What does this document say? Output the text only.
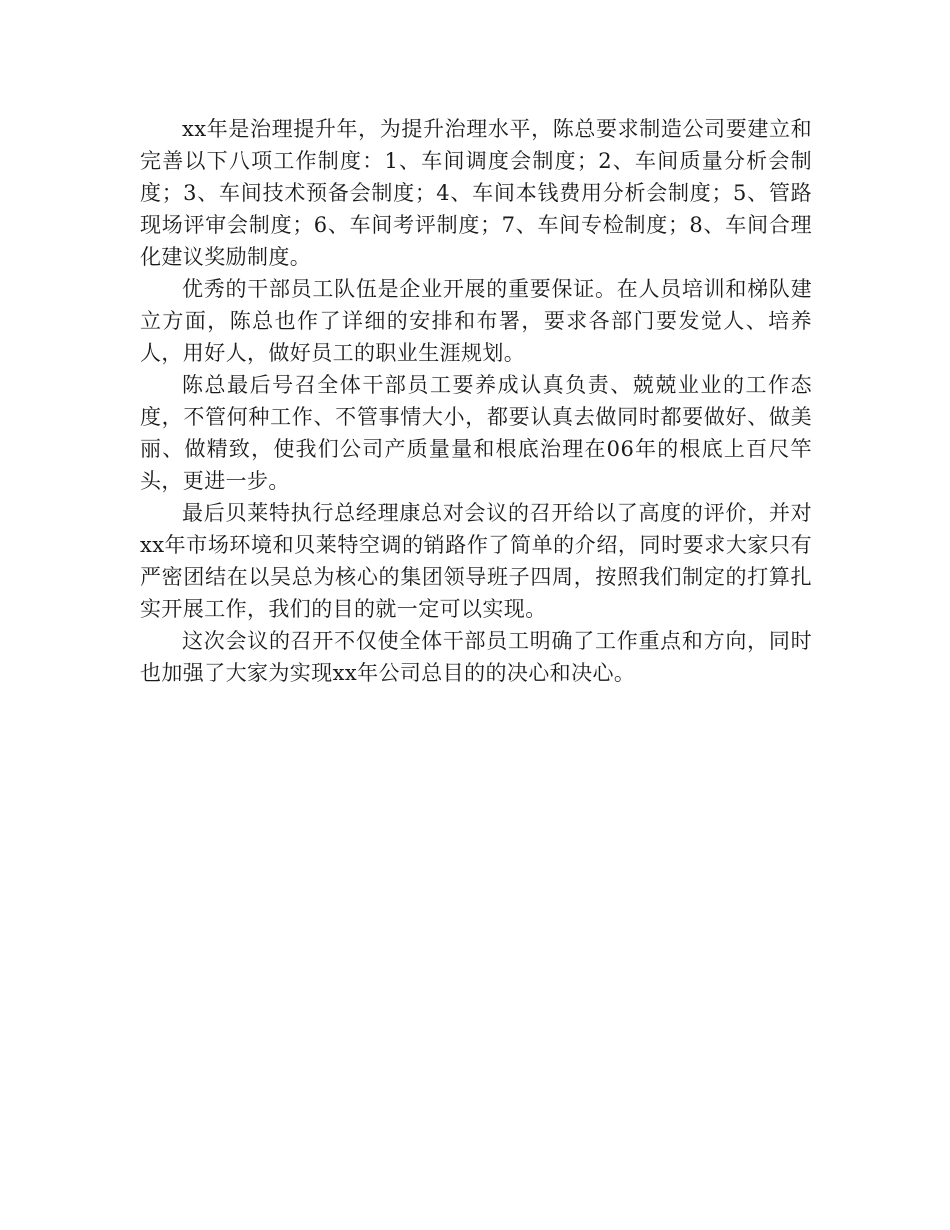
xx年是治理提升年，为提升治理水平，陈总要求制造公司要建立和完善以下八项工作制度：1、车间调度会制度；2、车间质量分析会制度；3、车间技术预备会制度；4、车间本钱费用分析会制度；5、管路现场评审会制度；6、车间考评制度；7、车间专检制度；8、车间合理化建议奖励制度。

优秀的干部员工队伍是企业开展的重要保证。在人员培训和梯队建立方面，陈总也作了详细的安排和布署，要求各部门要发觉人、培养人，用好人，做好员工的职业生涯规划。

陈总最后号召全体干部员工要养成认真负责、兢兢业业的工作态度，不管何种工作、不管事情大小，都要认真去做同时都要做好、做美丽、做精致，使我们公司产质量量和根底治理在06年的根底上百尺竿头，更进一步。

最后贝莱特执行总经理康总对会议的召开给以了高度的评价，并对xx年市场环境和贝莱特空调的销路作了简单的介绍，同时要求大家只有严密团结在以吴总为核心的集团领导班子四周，按照我们制定的打算扎实开展工作，我们的目的就一定可以实现。

这次会议的召开不仅使全体干部员工明确了工作重点和方向，同时也加强了大家为实现xx年公司总目的的决心和决心。
